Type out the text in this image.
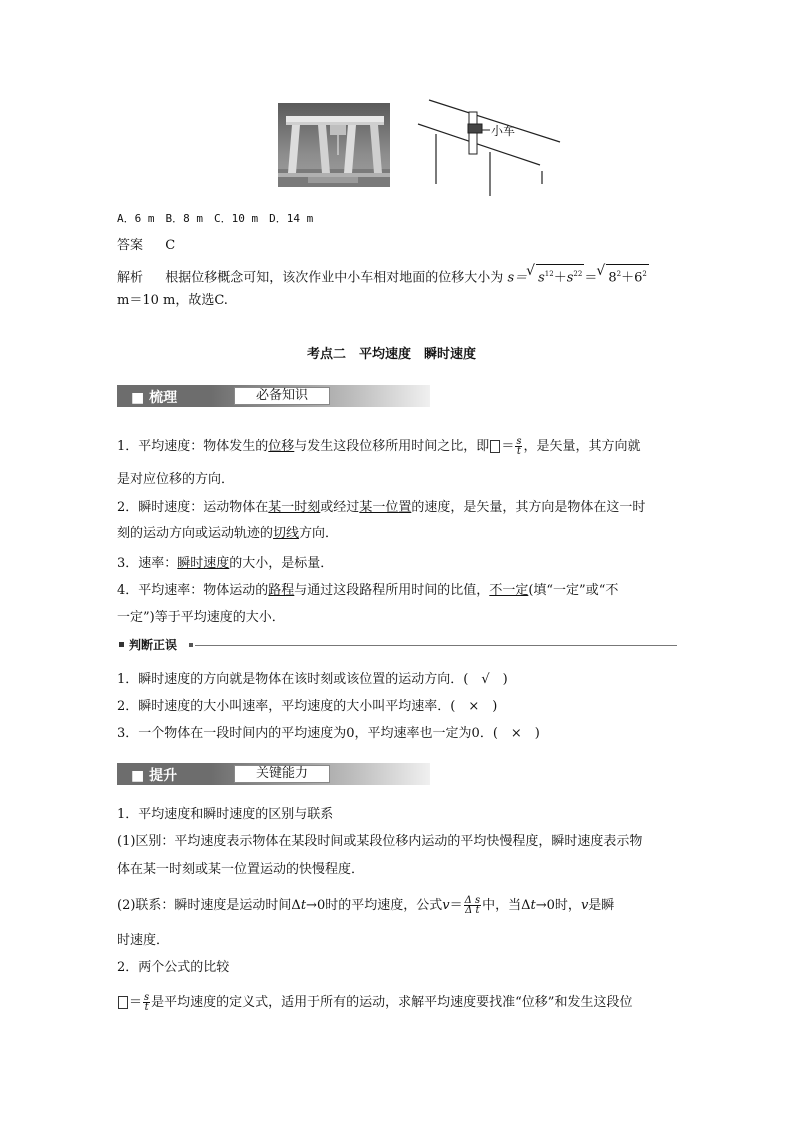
小车
A．6 m　B．8 m　C．10 m　D．14 m
答案 C
解析 根据位移概念可知，该次作业中小车相对地面的位移大小为 s＝ √ $s^{12}+s^{22}$ ＝ √ $8^2+6^2$
m＝10 m，故选C.
考点二　平均速度　瞬时速度
■ 梳理	必备知识
1．平均速度：物体发生的位移与发生这段位移所用时间之比，即 ＝ $\frac{s}{t}$ ，是矢量，其方向就
是对应位移的方向．
2．瞬时速度：运动物体在某一时刻或经过某一位置的速度，是矢量，其方向是物体在这一时
刻的运动方向或运动轨迹的切线方向．
3．速率：瞬时速度的大小，是标量．
4．平均速率：物体运动的路程与通过这段路程所用时间的比值，不一定(填“一定”或“不
一定”)等于平均速度的大小．
判断正误
1．瞬时速度的方向就是物体在该时刻或该位置的运动方向．(　√　)
2．瞬时速度的大小叫速率，平均速度的大小叫平均速率．(　×　)
3．一个物体在一段时间内的平均速度为0，平均速率也一定为0．(　×　)
■ 提升	关键能力
1．平均速度和瞬时速度的区别与联系
(1)区别：平均速度表示物体在某段时间或某段位移内运动的平均快慢程度，瞬时速度表示物
体在某一时刻或某一位置运动的快慢程度．
(2)联系：瞬时速度是运动时间Δt→0时的平均速度，公式$v= \frac{\text{Δ s}}{\text{Δ t}}$ 中，当Δt→0时，v是瞬
时速度．
2．两个公式的比较
＝ $\frac{s}{t}$ 是平均速度的定义式，适用于所有的运动，求解平均速度要找准“位移”和发生这段位
